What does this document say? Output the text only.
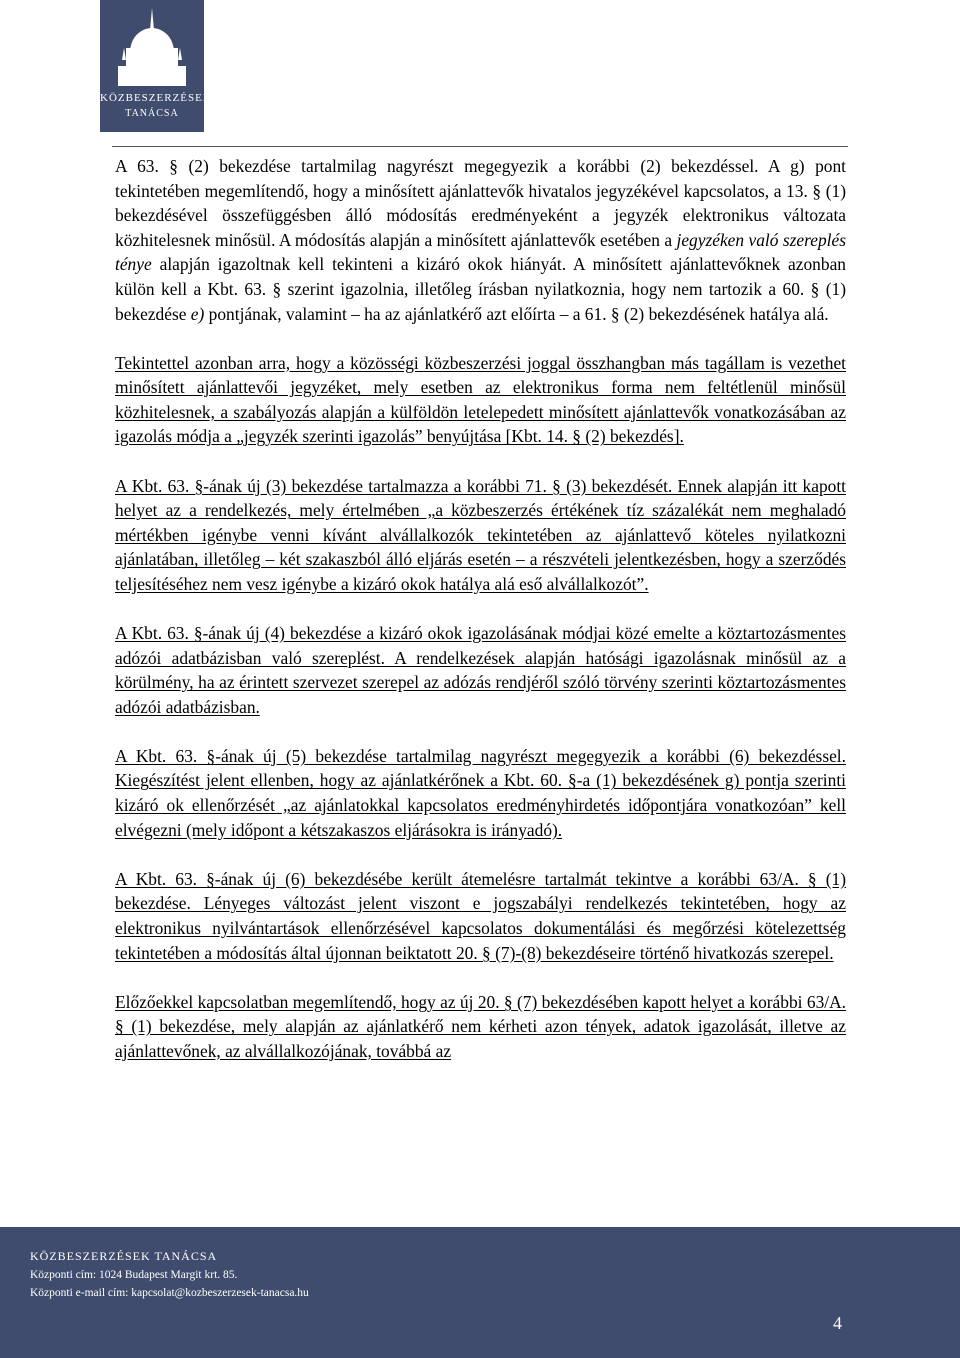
KÖZBESZERZÉSEK
TANÁCSA

A 63. § (2) bekezdése tartalmilag nagyrészt megegyezik a korábbi (2) bekezdéssel. A g) pont tekintetében megemlítendő, hogy a minősített ajánlattevők hivatalos jegyzékével kapcsolatos, a 13. § (1) bekezdésével összefüggésben álló módosítás eredményeként a jegyzék elektronikus változata közhitelesnek minősül. A módosítás alapján a minősített ajánlattevők esetében a jegyzéken való szereplés ténye alapján igazoltnak kell tekinteni a kizáró okok hiányát. A minősített ajánlattevőknek azonban külön kell a Kbt. 63. § szerint igazolnia, illetőleg írásban nyilatkoznia, hogy nem tartozik a 60. § (1) bekezdése e) pontjának, valamint – ha az ajánlatkérő azt előírta – a 61. § (2) bekezdésének hatálya alá.

Tekintettel azonban arra, hogy a közösségi közbeszerzési joggal összhangban más tagállam is vezethet minősített ajánlattevői jegyzéket, mely esetben az elektronikus forma nem feltétlenül minősül közhitelesnek, a szabályozás alapján a külföldön letelepedett minősített ajánlattevők vonatkozásában az igazolás módja a „jegyzék szerinti igazolás” benyújtása [Kbt. 14. § (2) bekezdés].

A Kbt. 63. §-ának új (3) bekezdése tartalmazza a korábbi 71. § (3) bekezdését. Ennek alapján itt kapott helyet az a rendelkezés, mely értelmében „a közbeszerzés értékének tíz százalékát nem meghaladó mértékben igénybe venni kívánt alvállalkozók tekintetében az ajánlattevő köteles nyilatkozni ajánlatában, illetőleg – két szakaszból álló eljárás esetén – a részvételi jelentkezésben, hogy a szerződés teljesítéséhez nem vesz igénybe a kizáró okok hatálya alá eső alvállalkozót”.

A Kbt. 63. §-ának új (4) bekezdése a kizáró okok igazolásának módjai közé emelte a köztartozásmentes adózói adatbázisban való szereplést. A rendelkezések alapján hatósági igazolásnak minősül az a körülmény, ha az érintett szervezet szerepel az adózás rendjéről szóló törvény szerinti köztartozásmentes adózói adatbázisban.

A Kbt. 63. §-ának új (5) bekezdése tartalmilag nagyrészt megegyezik a korábbi (6) bekezdéssel. Kiegészítést jelent ellenben, hogy az ajánlatkérőnek a Kbt. 60. §-a (1) bekezdésének g) pontja szerinti kizáró ok ellenőrzését „az ajánlatokkal kapcsolatos eredményhirdetés időpontjára vonatkozóan” kell elvégezni (mely időpont a kétszakaszos eljárásokra is irányadó).

A Kbt. 63. §-ának új (6) bekezdésébe került átemelésre tartalmát tekintve a korábbi 63/A. § (1) bekezdése. Lényeges változást jelent viszont e jogszabályi rendelkezés tekintetében, hogy az elektronikus nyilvántartások ellenőrzésével kapcsolatos dokumentálási és megőrzési kötelezettség tekintetében a módosítás által újonnan beiktatott 20. § (7)-(8) bekezdéseire történő hivatkozás szerepel.

Előzőekkel kapcsolatban megemlítendő, hogy az új 20. § (7) bekezdésében kapott helyet a korábbi 63/A. § (1) bekezdése, mely alapján az ajánlatkérő nem kérheti azon tények, adatok igazolását, illetve az ajánlattevőnek, az alvállalkozójának, továbbá az

KÖZBESZERZÉSEK TANÁCSA
Központi cím: 1024 Budapest Margit krt. 85.
Központi e-mail cím: kapcsolat@kozbeszerzesek-tanacsa.hu
4
